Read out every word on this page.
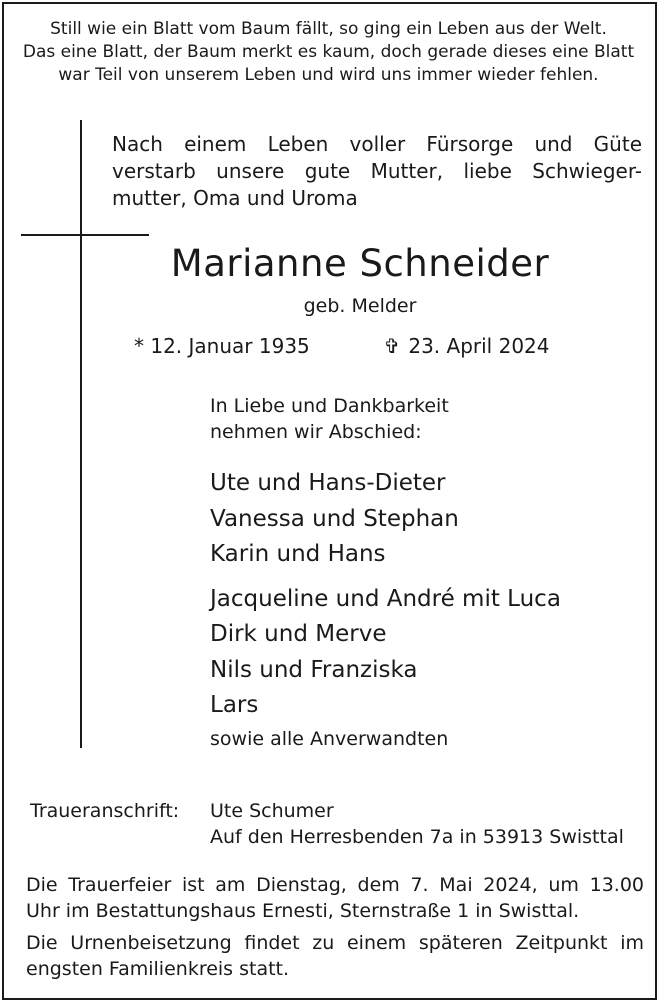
Still wie ein Blatt vom Baum fällt, so ging ein Leben aus der Welt.
Das eine Blatt, der Baum merkt es kaum, doch gerade dieses eine Blatt
war Teil von unserem Leben und wird uns immer wieder fehlen.
Nach einem Leben voller Fürsorge und Güte
verstarb unsere gute Mutter, liebe Schwieger-
mutter, Oma und Uroma
Marianne Schneider
geb. Melder
* 12. Januar 1935	✞ 23. April 2024
In Liebe und Dankbarkeit
nehmen wir Abschied:
Ute und Hans-Dieter
Vanessa und Stephan
Karin und Hans
Jacqueline und André mit Luca
Dirk und Merve
Nils und Franziska
Lars
sowie alle Anverwandten
Traueranschrift: Ute Schumer
Auf den Herresbenden 7a in 53913 Swisttal
Die Trauerfeier ist am Dienstag, dem 7. Mai 2024, um 13.00
Uhr im Bestattungshaus Ernesti, Sternstraße 1 in Swisttal.
Die Urnenbeisetzung findet zu einem späteren Zeitpunkt im
engsten Familienkreis statt.
